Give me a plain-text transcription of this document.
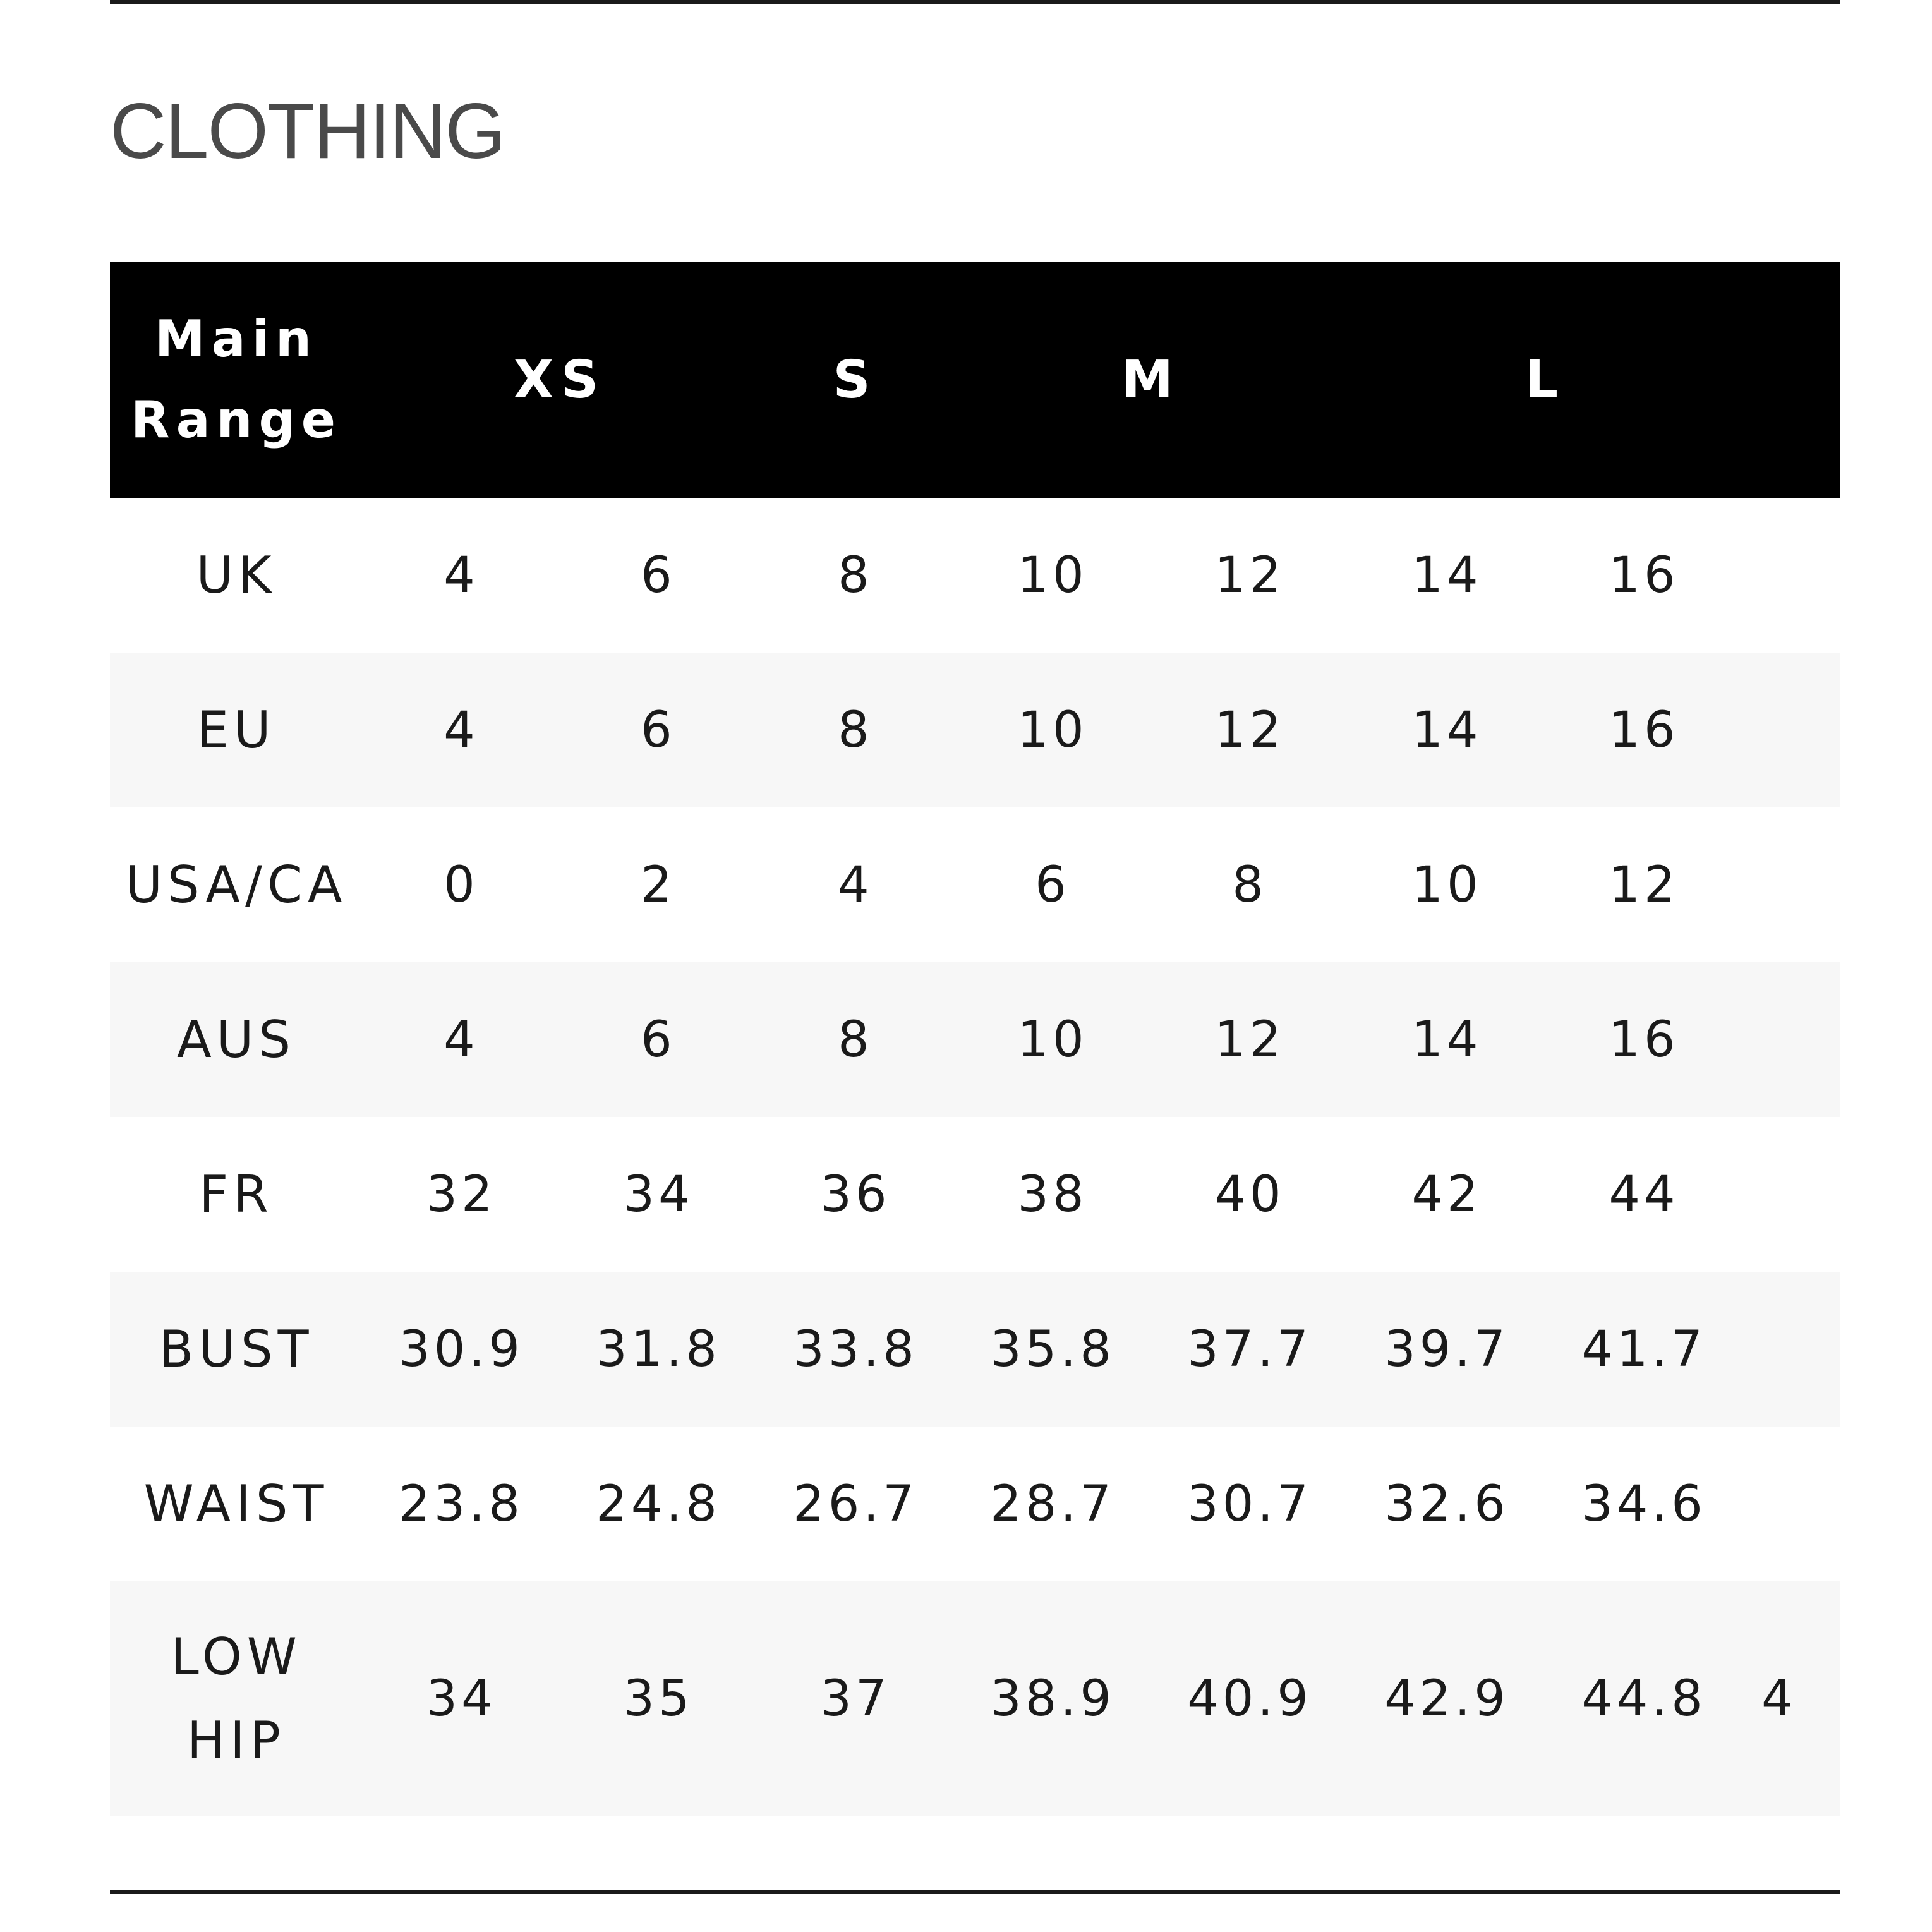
CLOTHING
Main
Range	XS		S	M		L		
UK	4	6	8	10	12	14	16	
EU	4	6	8	10	12	14	16	
USA/CA	0	2	4	6	8	10	12	
AUS	4	6	8	10	12	14	16	
FR	32	34	36	38	40	42	44	
BUST	30.9	31.8	33.8	35.8	37.7	39.7	41.7	
WAIST	23.8	24.8	26.7	28.7	30.7	32.6	34.6	
LOW
HIP	34	35	37	38.9	40.9	42.9	44.8	4
